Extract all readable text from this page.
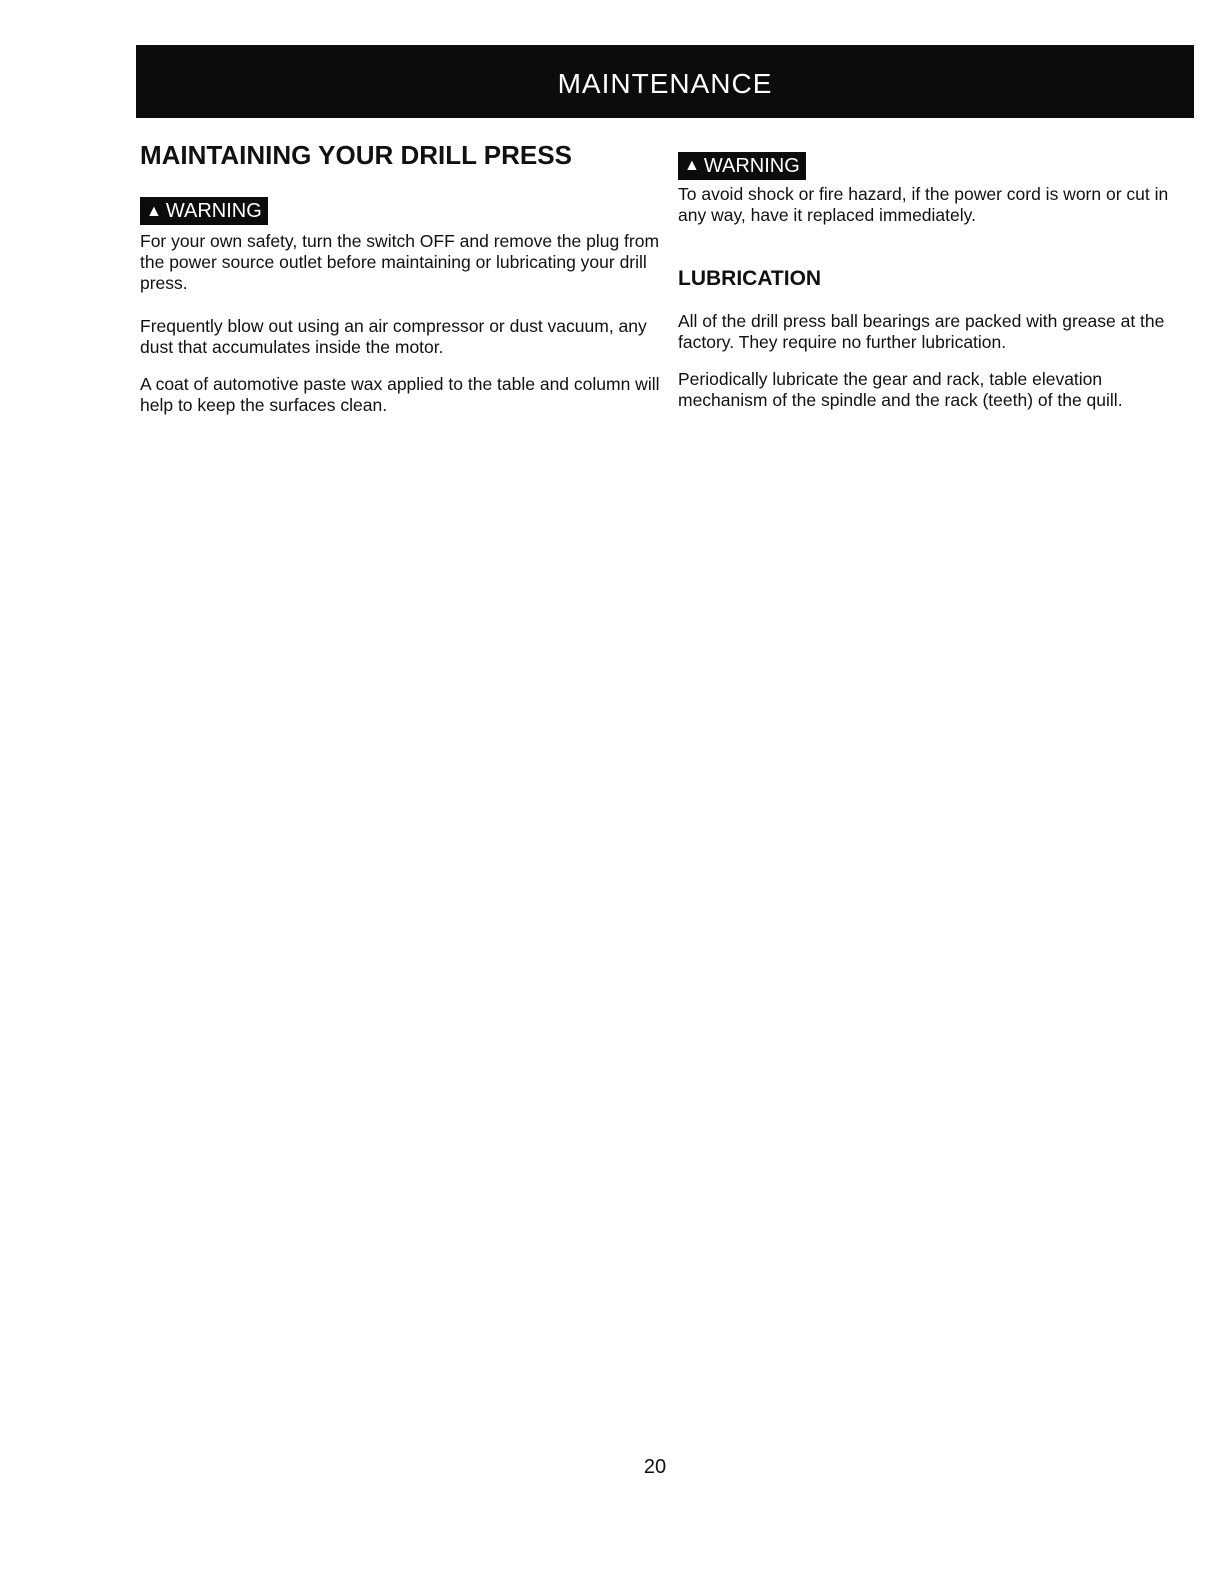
MAINTENANCE
MAINTAINING YOUR DRILL PRESS
▲ WARNING

For your own safety, turn the switch OFF and remove the plug from the power source outlet before maintaining or lubricating your drill press.

Frequently blow out using an air compressor or dust vacuum, any dust that accumulates inside the motor.

A coat of automotive paste wax applied to the table and column will help to keep the surfaces clean.

▲ WARNING

To avoid shock or fire hazard, if the power cord is worn or cut in any way, have it replaced immediately.

LUBRICATION

All of the drill press ball bearings are packed with grease at the factory. They require no further lubrication.

Periodically lubricate the gear and rack, table elevation mechanism of the spindle and the rack (teeth) of the quill.

20
